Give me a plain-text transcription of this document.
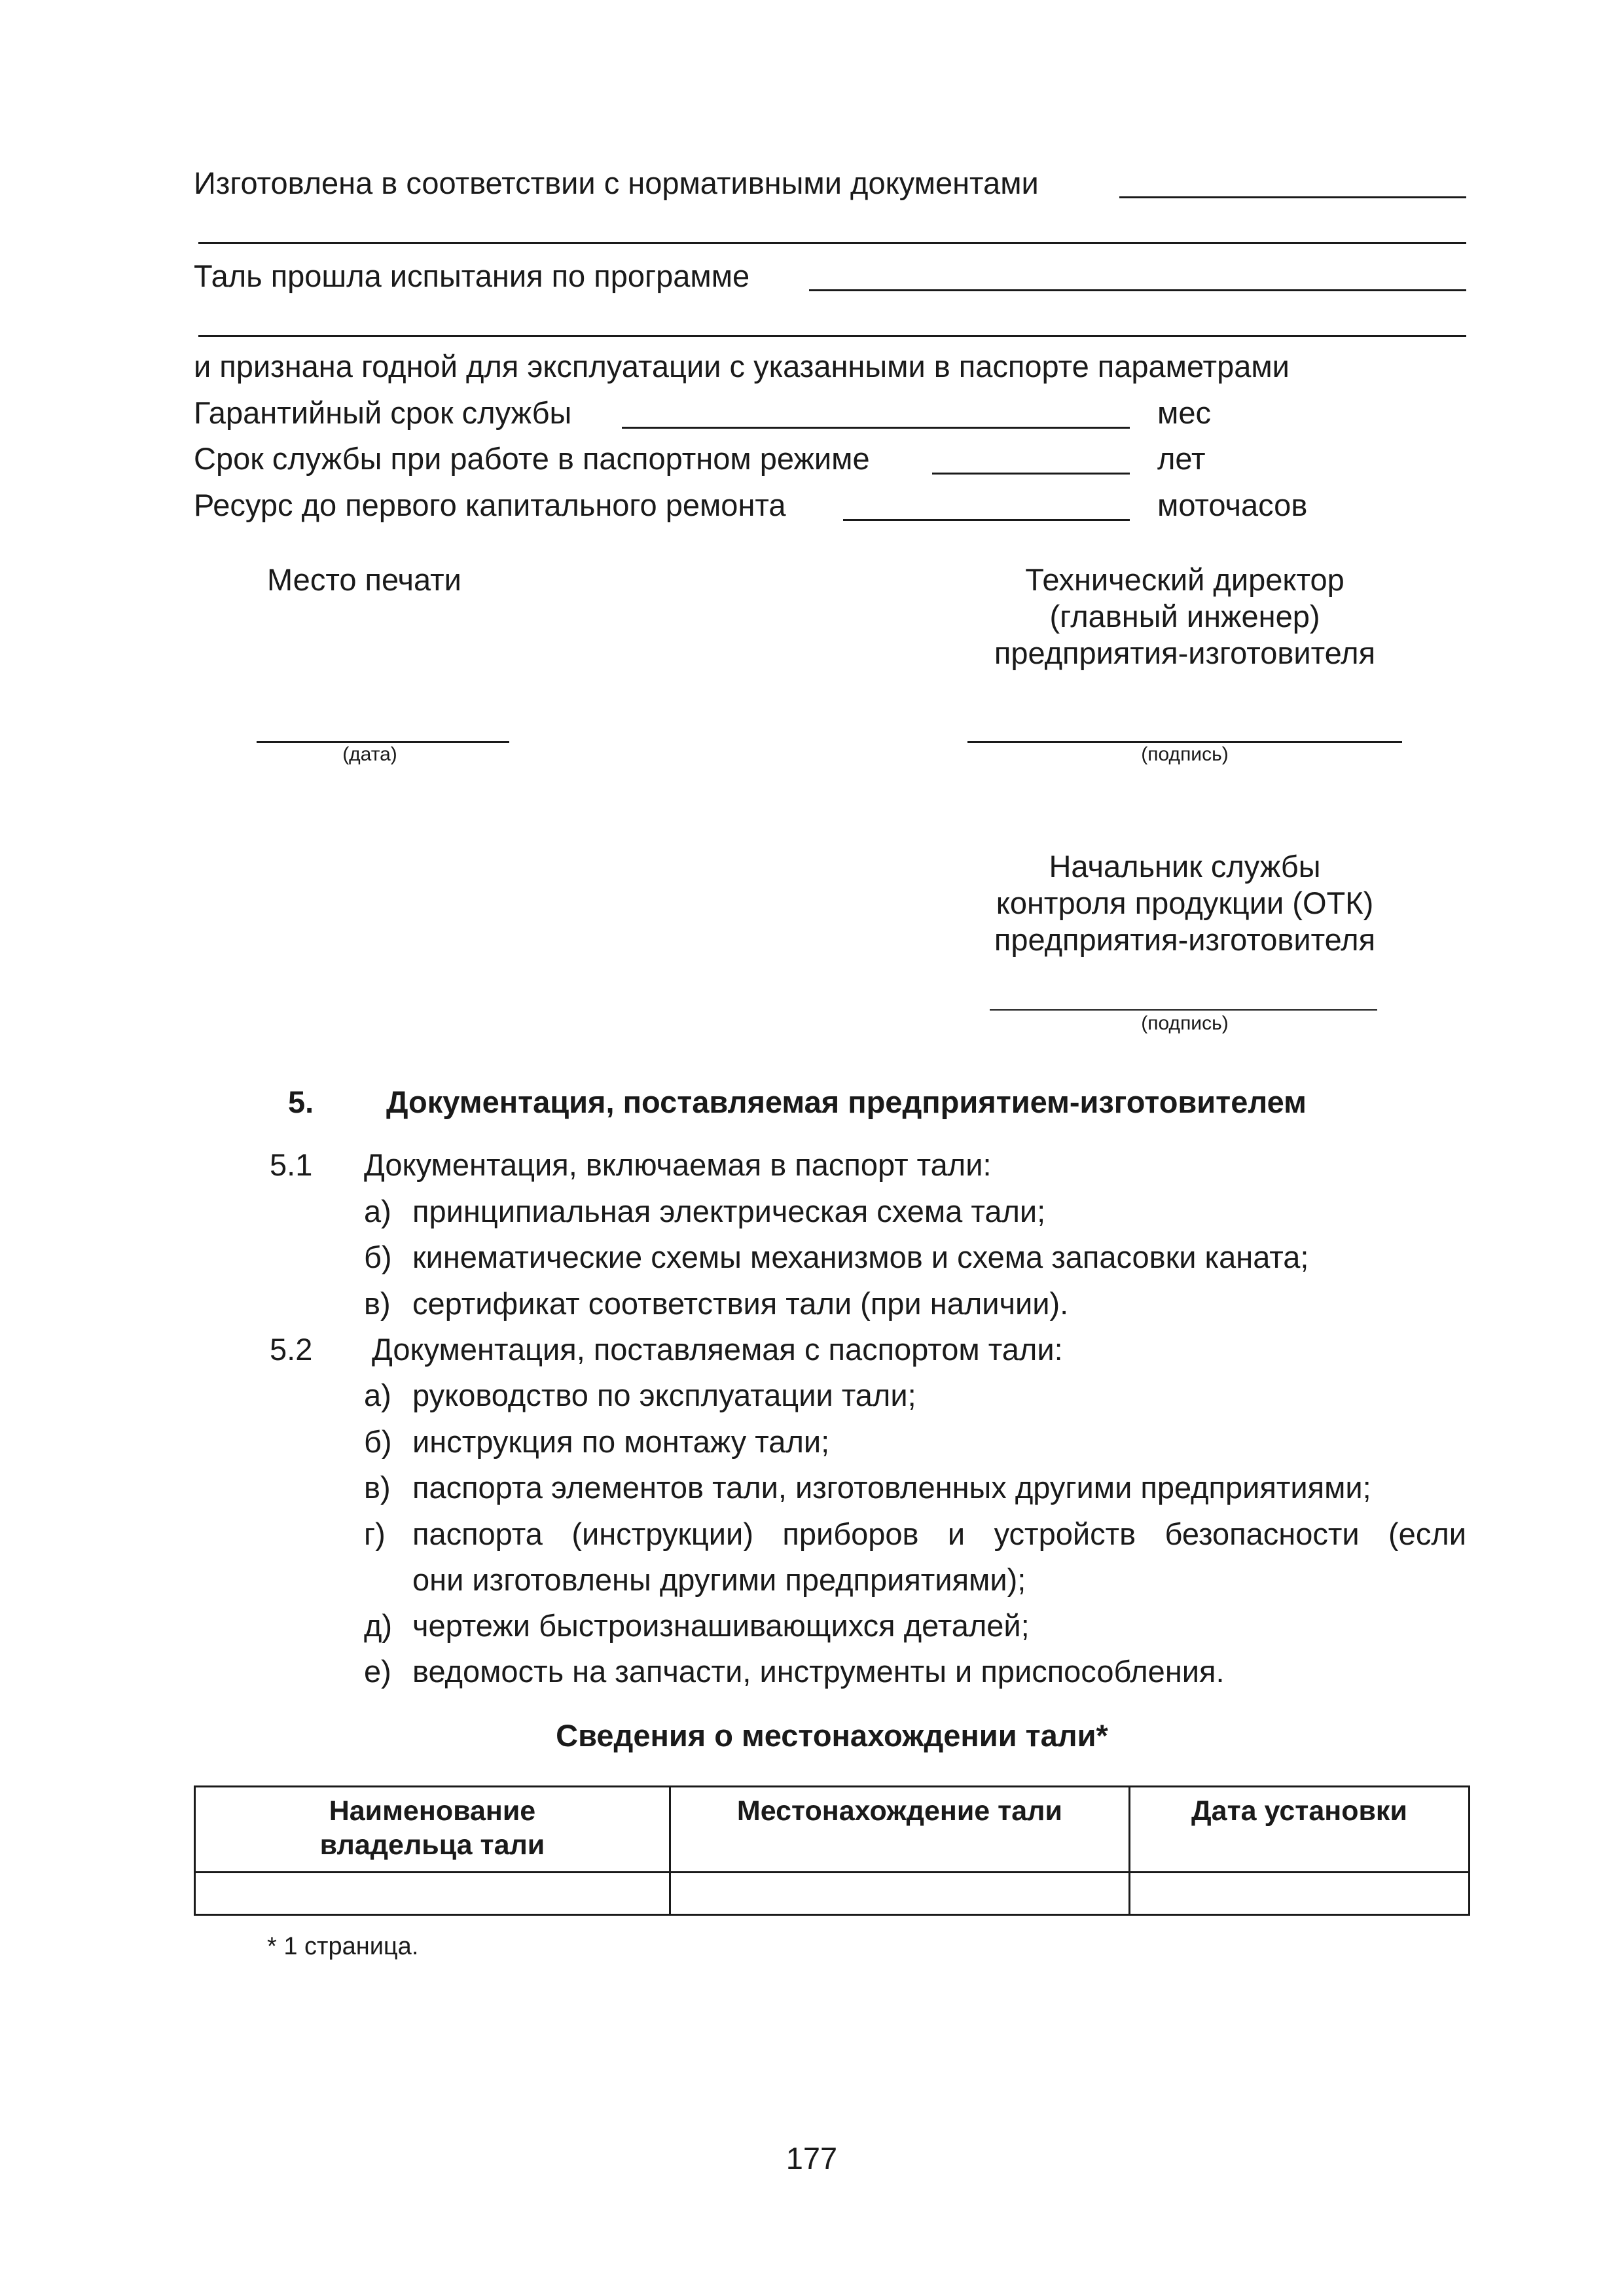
Изготовлена в соответствии с нормативными документами
Таль прошла испытания по программе
и признана годной для эксплуатации с указанными в паспорте параметрами
Гарантийный срок службы	мес
Срок службы при работе в паспортном режиме	лет
Ресурс до первого капитального ремонта	моточасов
Место печати	Технический директор
(главный инженер)
предприятия-изготовителя
(дата)	(подпись)
Начальник службы
контроля продукции (ОТК)
предприятия-изготовителя
(подпись)
5. Документация, поставляемая предприятием-изготовителем
5.1 Документация, включаемая в паспорт тали:
а) принципиальная электрическая схема тали;
б) кинематические схемы механизмов и схема запасовки каната;
в) сертификат соответствия тали (при наличии).
5.2 Документация, поставляемая с паспортом тали:
а) руководство по эксплуатации тали;
б) инструкция по монтажу тали;
в) паспорта элементов тали, изготовленных другими предприятиями;
г) паспорта (инструкции) приборов и устройств безопасности (если
они изготовлены другими предприятиями);
д) чертежи быстроизнашивающихся деталей;
е) ведомость на запчасти, инструменты и приспособления.
Сведения о местонахождении тали*
Наименование владельца тали	Местонахождение тали	Дата установки

* 1 страница.
177
